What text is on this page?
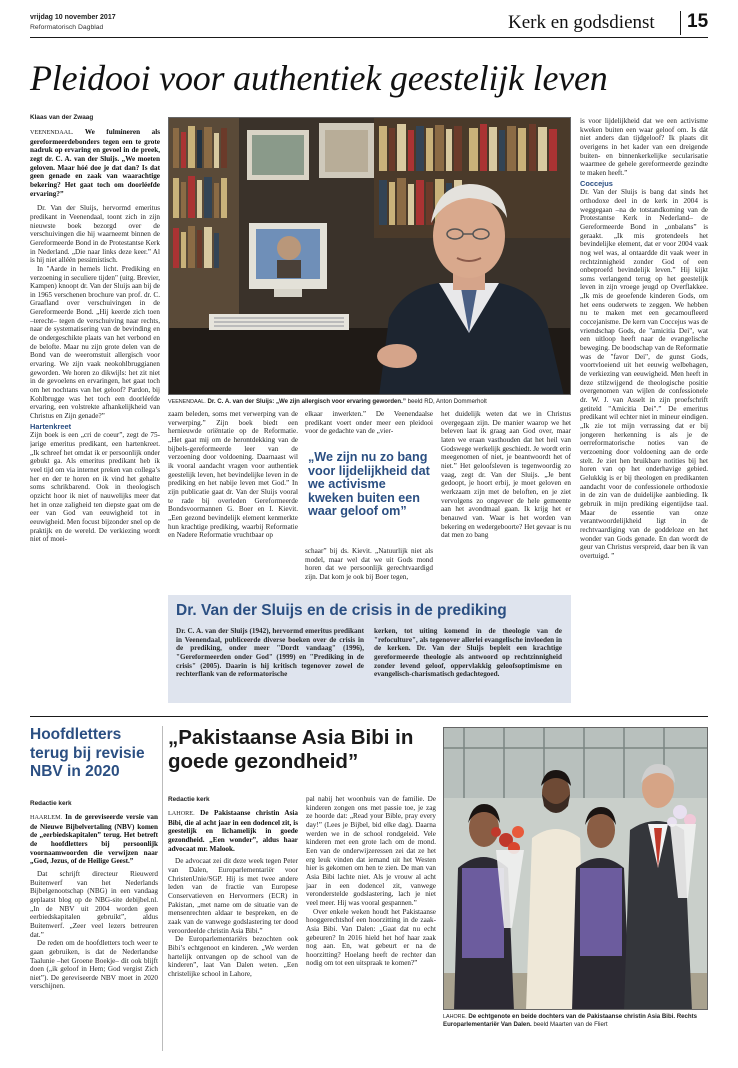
vrijdag 10 november 2017
Reformatorisch Dagblad	Kerk en godsdienst 15
Pleidooi voor authentiek geestelijk leven
Klaas van der Zwaag

VEENENDAAL. We fulmineren als gereformeerdebonders tegen een te grote nadruk op ervaring en gevoel in de preek, zegt dr. C. A. van der Sluijs. „We moeten geloven. Maar hóé doe je dat dan? Is dat geen genade en zaak van waarachtige bekering? Het gaat toch om doorléefde ervaring?”

Dr. Van der Sluijs, hervormd emeritus predikant in Veenendaal, toont zich in zijn nieuwste boek bezorgd over de verschuivingen die hij waarneemt binnen de Gereformeerde Bond in de Protestantse Kerk in Nederland. „Die naar links deze keer.” Al is hij niet alléén pessimistisch.

In "Aarde in hemels licht. Prediking en verzoening in seculiere tijden" (uitg. Brevier, Kampen) knoopt dr. Van der Sluijs aan bij de in 1965 verschenen brochure van prof. dr. C. Graafland over verschuivingen in de Gereformeerde Bond. „Hij keerde zich toen –terecht– tegen de verschuiving naar rechts, naar de systematisering van de bevinding en de ondergeschikte plaats van het verbond en de belofte. Maar nu zijn grote delen van de Bond van de weeromstuit allergisch voor ervaring. We zijn vaak neokohlbruggianen geworden. We horen zo dikwijls: het zit niet in de gevoelens en ervaringen, het gaat toch om het nochtans van het geloof? Pardon, bij Kohlbrugge was het toch een doorléefde ervaring, een volstrekte afhankelijkheid van Christus en Zijn genade?”

Hartenkreet

Zijn boek is een „cri de coeur”, zegt de 75-jarige emeritus predikant, een hartenkreet. „Ik schreef het omdat ik er persoonlijk onder gebukt ga. Als emeritus predikant heb ik veel tijd om via internet preken van collega’s her en der te horen en ik vind het gehalte soms schrikbarend. Ook in theologisch opzicht hoor ik niet of nauwelijks meer dat het in onze zaligheid ten diepste gaat om de eer van God van eeuwigheid tot in eeuwigheid. Men focust bijzonder snel op de praktijk en de wereld. De verkiezing wordt niet of moei-

VEENENDAAL. Dr. C. A. van der Sluijs: „We zijn allergisch voor ervaring geworden.” beeld RD, Anton Dommerholt

zaam beleden, soms met verwerping van de verwerping.” Zijn boek biedt een hernieuwde oriëntatie op de Reformatie. „Het gaat mij om de herontdekking van de bijbels-gereformeerde leer van de verzoening door voldoening. Daarnaast wil ik vooral aandacht vragen voor authentiek geestelijk leven, het bevindelijke leven in de prediking en het nabije leven met God.” In zijn publicatie gaat dr. Van der Sluijs vooral te rade bij overleden Gereformeerde Bondsvoormannen G. Boer en I. Kievit. „Een gezond bevindelijk element kenmerkte hun krachtige prediking, waarbij Reformatie en Nadere Reformatie vruchtbaar op

elkaar inwerkten.” De Veenendaalse predikant voert onder meer een pleidooi voor de gedachte van de „vier-

„We zijn nu zo bang voor lijdelijkheid dat we activisme kweken buiten een waar geloof om”

schaar” bij ds. Kievit. „Natuurlijk niet als model, maar wel dat we uit Gods mond horen dat we persoonlijk gerechtvaardigd zijn. Dat kom je ook bij Boer tegen,

het duidelijk weten dat we in Christus overgegaan zijn. De manier waarop we het beleven laat ik graag aan God over, maar laten we eraan vasthouden dat het heil van Godswege werkelijk geschiedt. Je wordt erin meegenomen of niet, je beantwoordt het of niet.” Het geloofsleven is tegenwoordig zo vaag, zegt dr. Van der Sluijs. „Je bent gedoopt, je hoort erbij, je moet geloven en werkzaam zijn met de beloften, en je ziet vervolgens zo ongeveer de hele gemeente aan het avondmaal gaan. Ik krijg het er benauwd van. Waar is het worden van bekering en wedergeboorte? Het gevaar is nu dat men zo bang

is voor lijdelijkheid dat we een activisme kweken buiten een waar geloof om. Is dát niet anders dan tijdgeloof? Ik plaats dit overigens in het kader van een dreigende buiten- en binnenkerkelijke secularisatie waarmee de gehele gereformeerde gezindte te maken heeft.”

Coccejus

Dr. Van der Sluijs is bang dat sinds het orthodoxe deel in de kerk in 2004 is weggegaan –na de totstandkoming van de Protestantse Kerk in Nederland– de Gereformeerde Bond in „onbalans” is geraakt. „Ik mis grotendeels het bevindelijke element, dat er voor 2004 vaak nog wel was, al ontaardde dit vaak weer in rechtzinnigheid zonder God of een onbeproefd bevindelijk leven.” Hij kijkt soms verlangend terug op het geestelijk leven in zijn vroege jeugd op Overflakkee. „Ik mis de geoefende kinderen Gods, om het eens ouderwets te zeggen. We hebben nu te maken met een gecamoufleerd coccejanisme. De kern van Coccejus was de vriendschap Gods, de "amicitia Dei", wat een uitloop heeft naar de evangelische beweging. De boodschap van de Reformatie was de "favor Dei", de gunst Gods, voortvloeiend uit het eeuwig welbehagen, de verkiezing van eeuwigheid. Men heeft in deze stilzwijgend de theologische positie overgenomen van wijlen de confessionele dr. W. J. van Asselt in zijn proefschrift getiteld "Amicitia Dei".” De emeritus predikant wil echter niet in mineur eindigen. „Ik zie tot mijn verrassing dat er bij jongeren herkenning is als je de oerreformatorische noties van de verzoening door voldoening aan de orde stelt. Je ziet hen bruikbare notities bij het horen van op het onderhavige gebied. Gelukkig is er bij theologen en predikanten aandacht voor de confessionele orthodoxie in de zin van de duidelijke aanbieding. Ik gebruik in mijn prediking eigentijdse taal. Maar de essentie van onze verantwoordelijkheid ligt in de rechtvaardiging van de goddeloze en het wonder van Gods genade. En dan wordt de geur van Christus verspreid, daar ben ik van overtuigd. ”

Dr. Van der Sluijs en de crisis in de prediking
Dr. C. A. van der Sluijs (1942), hervormd emeritus predikant in Veenendaal, publiceerde diverse boeken over de crisis in de prediking, onder meer "Dordt vandaag" (1996), "Gereformeerden onder God" (1999) en "Prediking in de crisis" (2005). Daarin is hij kritisch tegenover zowel de rechterflank van de reformatorische
kerken, tot uiting komend in de theologie van de "refoculture", als tegenover allerlei evangelische invloeden in de kerken. Dr. Van der Sluijs bepleit een krachtige gereformeerde theologie als antwoord op rechtzinnigheid zonder levend geloof, oppervlakkig geloofsoptimisme en evangelisch-charismatisch gedachtegoed.
Hoofdletters terug bij revisie NBV in 2020
Redactie kerk

HAARLEM. In de gereviseerde versie van de Nieuwe Bijbelvertaling (NBV) komen de „eerbiedskapitalen” terug. Het betreft de hoofdletters bij persoonlijk voornaamwoorden die verwijzen naar „God, Jezus, of de Heilige Geest.”

Dat schrijft directeur Rieuwerd Buitenwerf van het Nederlands Bijbelgenootschap (NBG) in een vandaag geplaatst blog op de NBG-site debijbel.nl. „In de NBV uit 2004 worden geen eerbiedskapitalen gebruikt”, aldus Buitenwerf. „Zeer veel lezers betreuren dat.”

De reden om de hoofdletters toch weer te gaan gebruiken, is dat de Nederlandse Taalunie –het Groene Boekje– dit ook blijft doen („ik geloof in Hem; God vergist Zich niet”). De gereviseerde NBV moet in 2020 verschijnen.

„Pakistaanse Asia Bibi in goede gezondheid”
Redactie kerk

LAHORE. De Pakistaanse christin Asia Bibi, die al acht jaar in een dodencel zit, is geestelijk en lichamelijk in goede gezondheid. „Een wonder”, aldus haar advocaat mr. Malook.

De advocaat zei dit deze week tegen Peter van Dalen, Europarlementariër voor ChristenUnie/SGP. Hij is met twee andere leden van de fractie van Europese Conservatieven en Hervormers (ECR) in Pakistan, „met name om de situatie van de mensenrechten aldaar te bespreken, en de zaak van de vanwege godslastering ter dood veroordeelde christin Asia Bibi.”

De Europarlementariërs bezochten ook Bibi’s echtgenoot en kinderen. „We werden hartelijk ontvangen op de school van de kinderen”, laat Van Dalen weten. „Een christelijke school in Lahore,

pal nabij het woonhuis van de familie. De kinderen zongen ons met passie toe, je zag ze hoorde dat: „Read your Bible, pray every day!” (Lees je Bijbel, bid elke dag). Daarna werden we in de school rondgeleid. Vele kinderen met een grote lach om de mond. Een van de onderwijzeressen zei dat ze het erg leuk vinden dat iemand uit het Westen hier is gekomen om hen te zien. De man van Asia Bibi lachte niet. Als je vrouw al acht jaar in een dodencel zit, vanwege veronderstelde godslastering, lach je niet veel meer. Hij was vooral gespannen.”

Over enkele weken houdt het Pakistaanse hooggerechtshof een hoorzitting in de zaak-Asia Bibi. Van Dalen: „Gaat dat nu echt gebeuren? In 2016 hield het hof haar zaak nog aan. En, wat gebeurt er na de hoorzitting? Hoelang heeft de rechter dan nodig om tot een uitspraak te komen?”

LAHORE. De echtgenote en beide dochters van de Pakistaanse christin Asia Bibi. Rechts Europarlementariër Van Dalen. beeld Maarten van de Fliert
